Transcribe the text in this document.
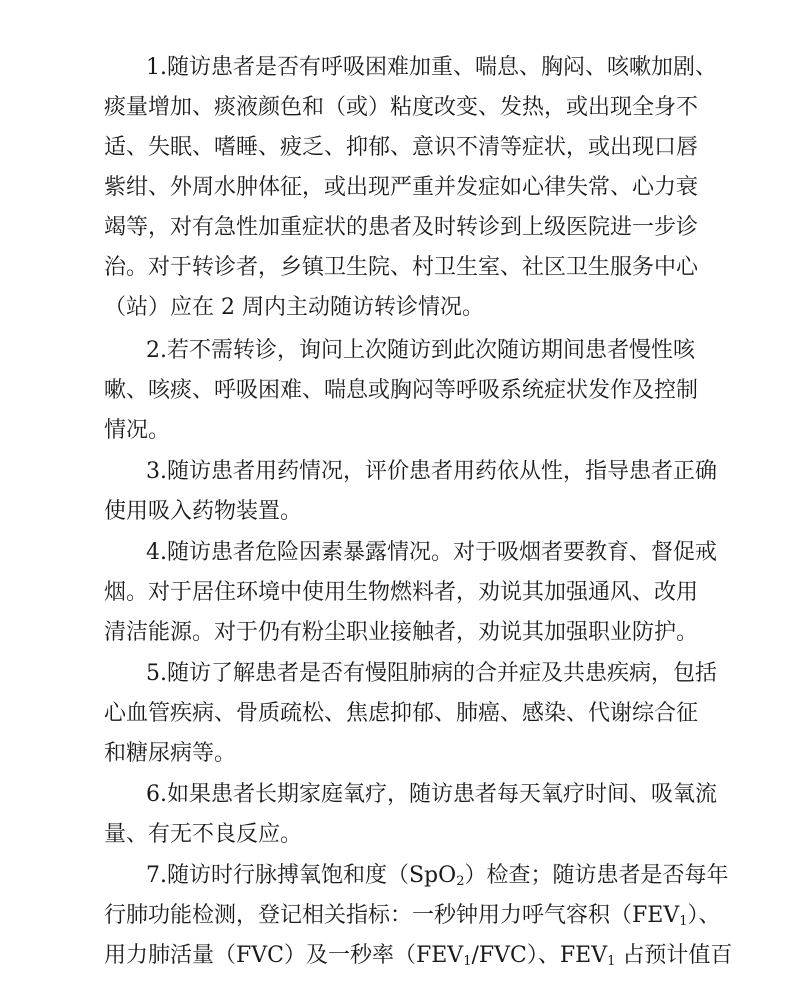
1.随访患者是否有呼吸困难加重、喘息、胸闷、咳嗽加剧、
痰量增加、痰液颜色和（或）粘度改变、发热，或出现全身不
适、失眠、嗜睡、疲乏、抑郁、意识不清等症状，或出现口唇
紫绀、外周水肿体征，或出现严重并发症如心律失常、心力衰
竭等，对有急性加重症状的患者及时转诊到上级医院进一步诊
治。对于转诊者，乡镇卫生院、村卫生室、社区卫生服务中心
（站）应在 2 周内主动随访转诊情况。
2.若不需转诊，询问上次随访到此次随访期间患者慢性咳
嗽、咳痰、呼吸困难、喘息或胸闷等呼吸系统症状发作及控制
情况。
3.随访患者用药情况，评价患者用药依从性，指导患者正确
使用吸入药物装置。
4.随访患者危险因素暴露情况。对于吸烟者要教育、督促戒
烟。对于居住环境中使用生物燃料者，劝说其加强通风、改用
清洁能源。对于仍有粉尘职业接触者，劝说其加强职业防护。
5.随访了解患者是否有慢阻肺病的合并症及共患疾病，包括
心血管疾病、骨质疏松、焦虑抑郁、肺癌、感染、代谢综合征
和糖尿病等。
6.如果患者长期家庭氧疗，随访患者每天氧疗时间、吸氧流
量、有无不良反应。
7.随访时行脉搏氧饱和度（SpO$_2$）检查；随访患者是否每年
行肺功能检测，登记相关指标：一秒钟用力呼气容积$(FEV_1)$、
用力肺活量（FVC）及一秒率$(FEV_1/FVC)$、$FEV_1$ 占预计值百
